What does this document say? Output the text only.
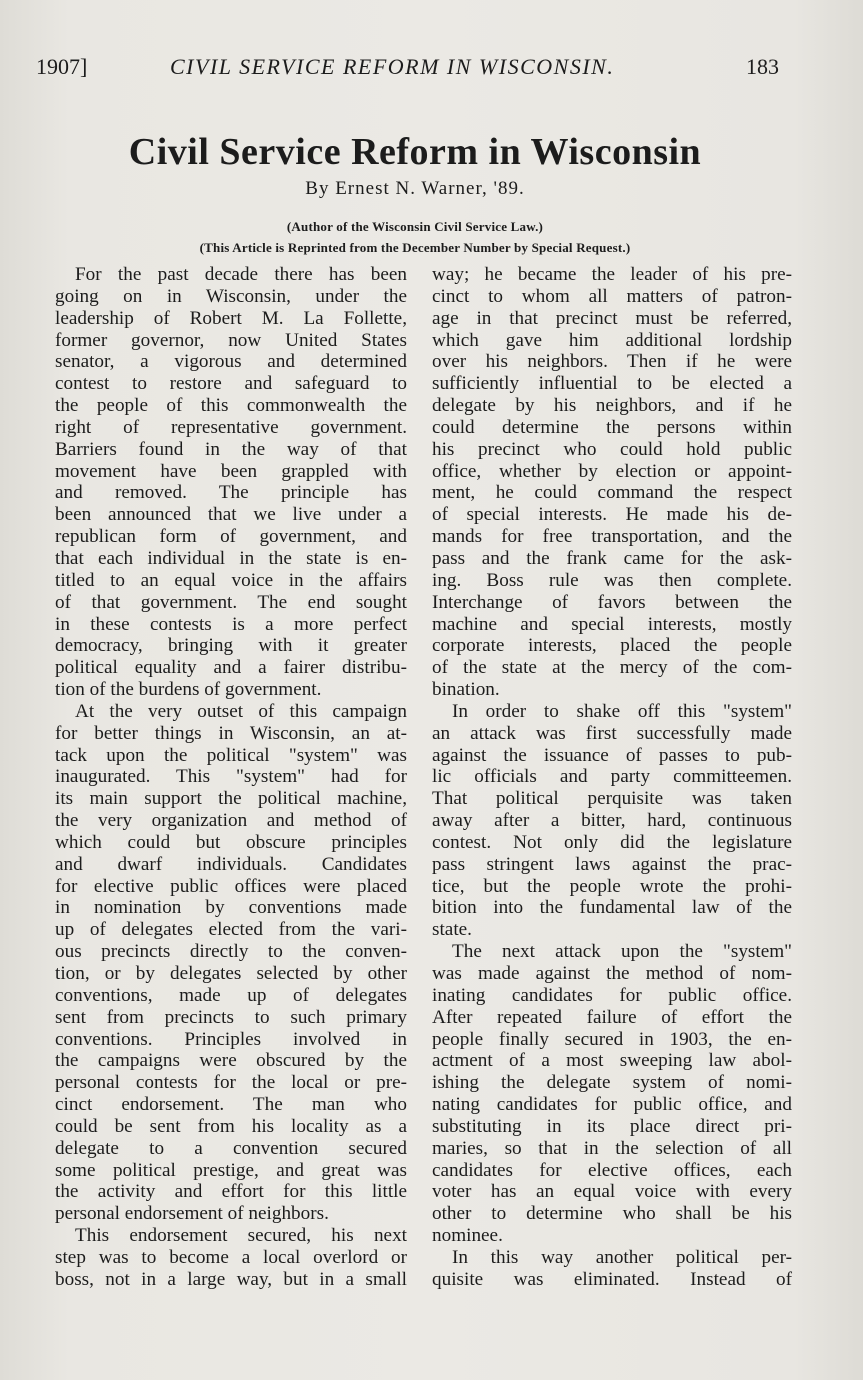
1907]	CIVIL SERVICE REFORM IN WISCONSIN.	183
Civil Service Reform in Wisconsin
By Ernest N. Warner, '89.
(Author of the Wisconsin Civil Service Law.)
(This Article is Reprinted from the December Number by Special Request.)
For the past decade there has been
going on in Wisconsin, under the
leadership of Robert M. La Follette,
former governor, now United States
senator, a vigorous and determined
contest to restore and safeguard to
the people of this commonwealth the
right of representative government.
Barriers found in the way of that
movement have been grappled with
and removed. The principle has
been announced that we live under a
republican form of government, and
that each individual in the state is en-
titled to an equal voice in the affairs
of that government. The end sought
in these contests is a more perfect
democracy, bringing with it greater
political equality and a fairer distribu-
tion of the burdens of government.
At the very outset of this campaign
for better things in Wisconsin, an at-
tack upon the political "system" was
inaugurated. This "system" had for
its main support the political machine,
the very organization and method of
which could but obscure principles
and dwarf individuals. Candidates
for elective public offices were placed
in nomination by conventions made
up of delegates elected from the vari-
ous precincts directly to the conven-
tion, or by delegates selected by other
conventions, made up of delegates
sent from precincts to such primary
conventions. Principles involved in
the campaigns were obscured by the
personal contests for the local or pre-
cinct endorsement. The man who
could be sent from his locality as a
delegate to a convention secured
some political prestige, and great was
the activity and effort for this little
personal endorsement of neighbors.
This endorsement secured, his next
step was to become a local overlord or
boss, not in a large way, but in a small
way; he became the leader of his pre-
cinct to whom all matters of patron-
age in that precinct must be referred,
which gave him additional lordship
over his neighbors. Then if he were
sufficiently influential to be elected a
delegate by his neighbors, and if he
could determine the persons within
his precinct who could hold public
office, whether by election or appoint-
ment, he could command the respect
of special interests. He made his de-
mands for free transportation, and the
pass and the frank came for the ask-
ing. Boss rule was then complete.
Interchange of favors between the
machine and special interests, mostly
corporate interests, placed the people
of the state at the mercy of the com-
bination.
In order to shake off this "system"
an attack was first successfully made
against the issuance of passes to pub-
lic officials and party committeemen.
That political perquisite was taken
away after a bitter, hard, continuous
contest. Not only did the legislature
pass stringent laws against the prac-
tice, but the people wrote the prohi-
bition into the fundamental law of the
state.
The next attack upon the "system"
was made against the method of nom-
inating candidates for public office.
After repeated failure of effort the
people finally secured in 1903, the en-
actment of a most sweeping law abol-
ishing the delegate system of nomi-
nating candidates for public office, and
substituting in its place direct pri-
maries, so that in the selection of all
candidates for elective offices, each
voter has an equal voice with every
other to determine who shall be his
nominee.
In this way another political per-
quisite was eliminated. Instead of
